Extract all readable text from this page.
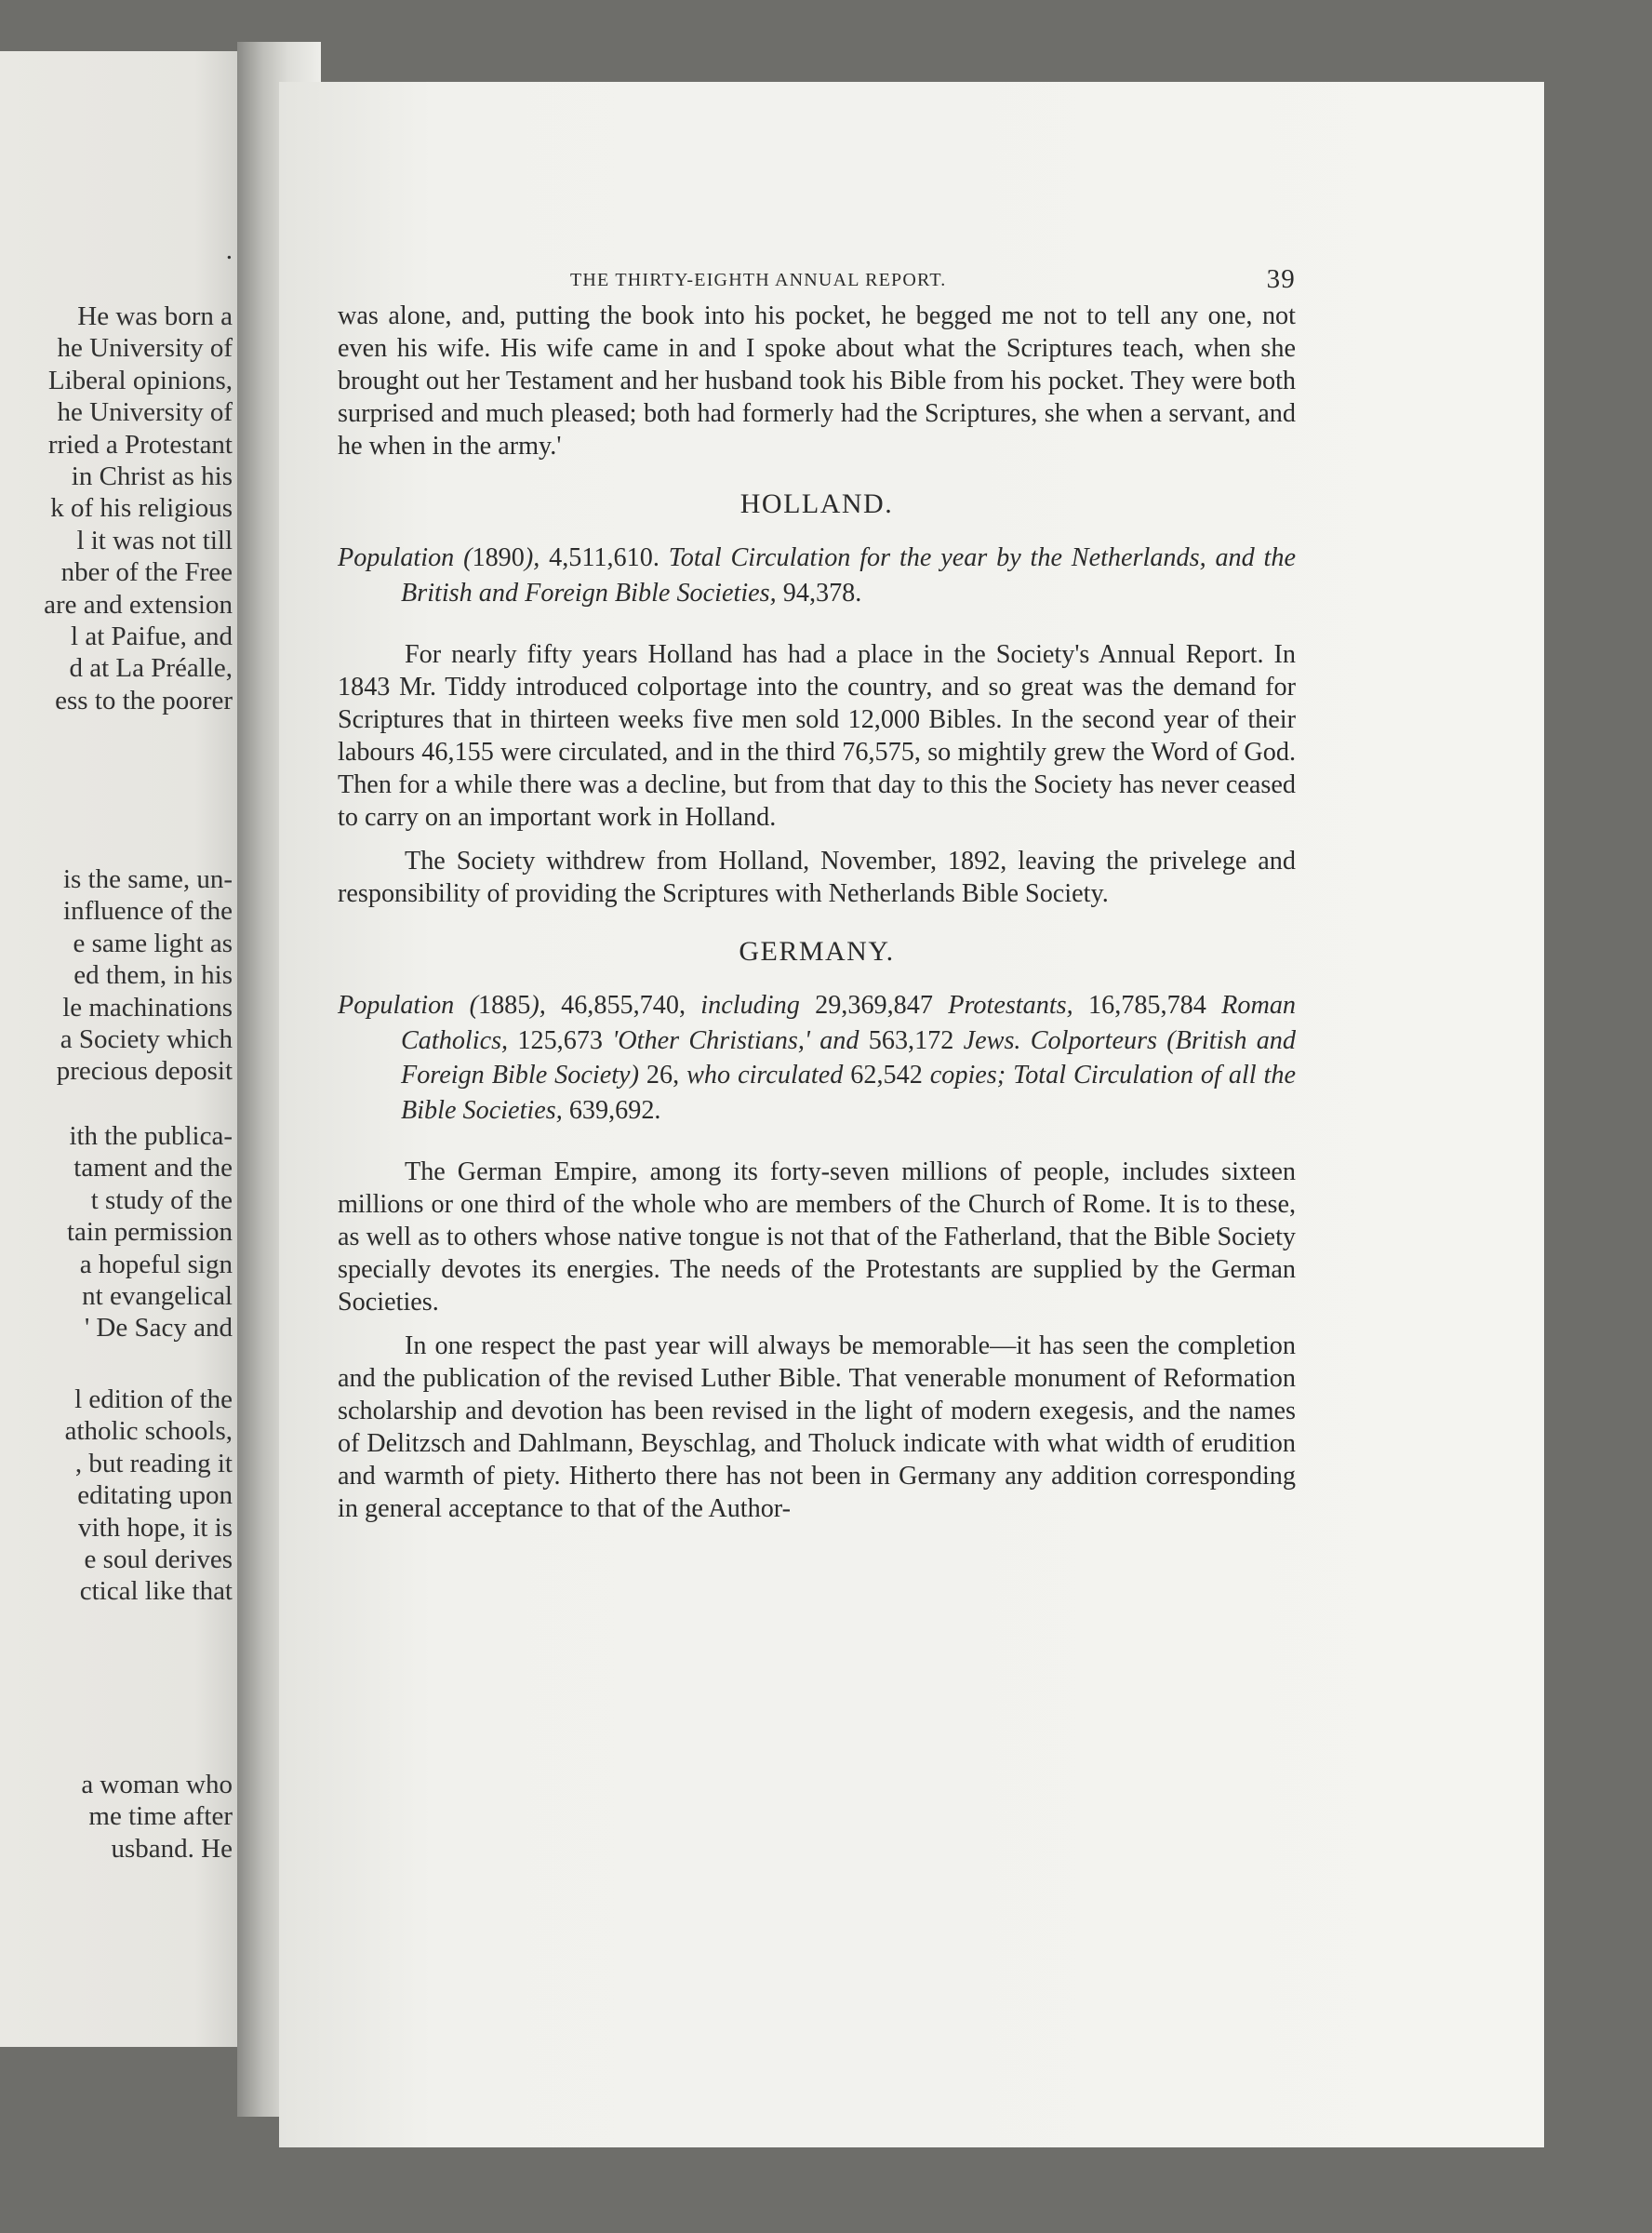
.
He was born a
he University of
Liberal opinions,
he University of
rried a Protestant
in Christ as his
k of his religious
l it was not till
nber of the Free
are and extension
l at Paifue, and
d at La Préalle,
ess to the poorer
is the same, un-
influence of the
e same light as
ed them, in his
le machinations
a Society which
precious deposit
ith the publica-
tament and the
t study of the
tain permission
a hopeful sign
nt evangelical
' De Sacy and
l edition of the
atholic schools,
, but reading it
editating upon
vith hope, it is
e soul derives
ctical like that
a woman who
me time after
usband. He
THE THIRTY-EIGHTH ANNUAL REPORT.	39

was alone, and, putting the book into his pocket, he begged me not to tell any one, not even his wife. His wife came in and I spoke about what the Scriptures teach, when she brought out her Testament and her husband took his Bible from his pocket. They were both surprised and much pleased; both had formerly had the Scriptures, she when a servant, and he when in the army.'

HOLLAND.

Population (1890), 4,511,610. Total Circulation for the year by the Netherlands, and the British and Foreign Bible Societies, 94,378.

For nearly fifty years Holland has had a place in the Society's Annual Report. In 1843 Mr. Tiddy introduced colportage into the country, and so great was the demand for Scriptures that in thirteen weeks five men sold 12,000 Bibles. In the second year of their labours 46,155 were circulated, and in the third 76,575, so mightily grew the Word of God. Then for a while there was a decline, but from that day to this the Society has never ceased to carry on an important work in Holland.

The Society withdrew from Holland, November, 1892, leaving the privelege and responsibility of providing the Scriptures with Netherlands Bible Society.

GERMANY.

Population (1885), 46,855,740, including 29,369,847 Protestants, 16,785,784 Roman Catholics, 125,673 'Other Christians,' and 563,172 Jews. Colporteurs (British and Foreign Bible Society) 26, who circulated 62,542 copies; Total Circulation of all the Bible Societies, 639,692.

The German Empire, among its forty-seven millions of people, includes sixteen millions or one third of the whole who are members of the Church of Rome. It is to these, as well as to others whose native tongue is not that of the Fatherland, that the Bible Society specially devotes its energies. The needs of the Protestants are supplied by the German Societies.

In one respect the past year will always be memorable—it has seen the completion and the publication of the revised Luther Bible. That venerable monument of Reformation scholarship and devotion has been revised in the light of modern exegesis, and the names of Delitzsch and Dahlmann, Beyschlag, and Tholuck indicate with what width of erudition and warmth of piety. Hitherto there has not been in Germany any addition corresponding in general acceptance to that of the Author-
